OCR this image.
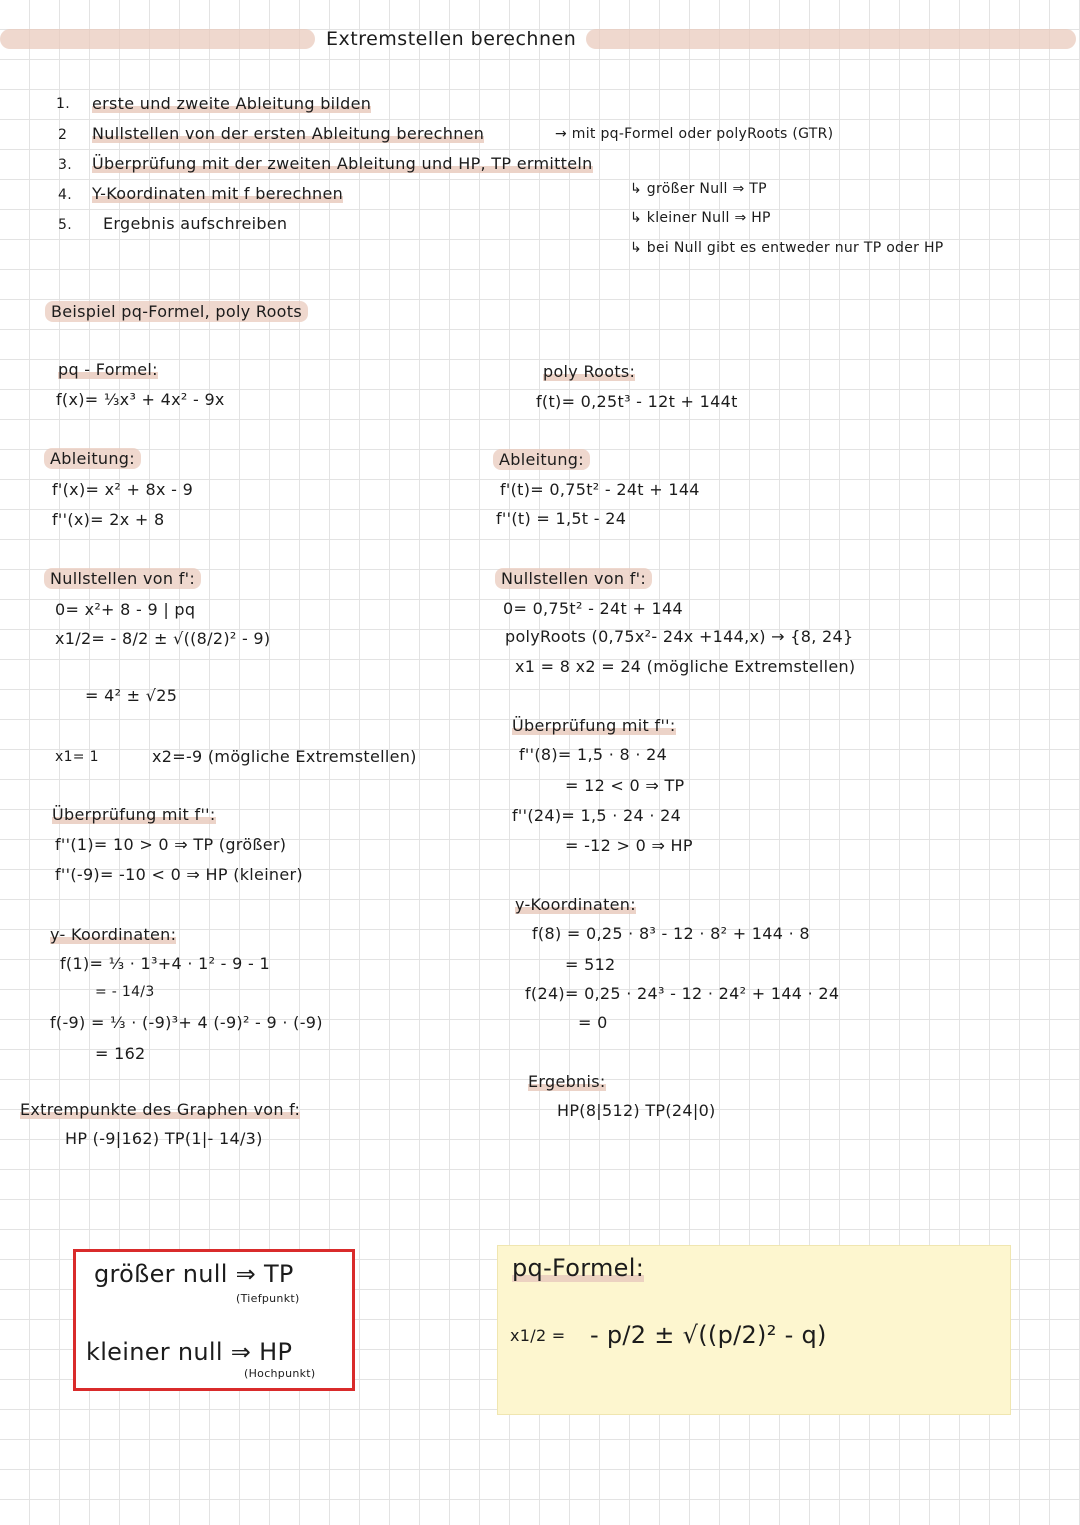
Extremstellen berechnen
1. erste und zweite Ableitung bilden
2 Nullstellen von der ersten Ableitung berechnen	→ mit pq-Formel oder polyRoots (GTR)
3. Überprüfung mit der zweiten Ableitung und HP, TP ermitteln
4. Y-Koordinaten mit f berechnen
5. Ergebnis aufschreiben
↳ größer Null ⇒ TP
↳ kleiner Null ⇒ HP
↳ bei Null gibt es entweder nur TP oder HP
Beispiel pq-Formel, poly Roots
pq - Formel:
f(x)= ⅓x³ + 4x² - 9x
Ableitung:
f'(x)= x² + 8x - 9
f''(x)= 2x + 8
Nullstellen von f':
0= x²+ 8 - 9 | pq
x1/2= - 8/2 ± √((8/2)² - 9)
= 4² ± √25
x1= 1	x2=-9 (mögliche Extremstellen)
Überprüfung mit f'':
f''(1)= 10 > 0 ⇒ TP (größer)
f''(-9)= -10 < 0 ⇒ HP (kleiner)
y- Koordinaten:
f(1)= ⅓ · 1³+4 · 1² - 9 - 1
= - 14/3
f(-9) = ⅓ · (-9)³+ 4 (-9)² - 9 · (-9)
= 162
Extrempunkte des Graphen von f:
HP (-9|162) TP(1|- 14/3)
poly Roots:
f(t)= 0,25t³ - 12t + 144t
Ableitung:
f'(t)= 0,75t² - 24t + 144
f''(t) = 1,5t - 24
Nullstellen von f':
0= 0,75t² - 24t + 144
polyRoots (0,75x²- 24x +144,x) → {8, 24}
x1 = 8 x2 = 24 (mögliche Extremstellen)
Überprüfung mit f'':
f''(8)= 1,5 · 8 · 24
= 12 < 0 ⇒ TP
f''(24)= 1,5 · 24 · 24
= -12 > 0 ⇒ HP
y-Koordinaten:
f(8) = 0,25 · 8³ - 12 · 8² + 144 · 8
= 512
f(24)= 0,25 · 24³ - 12 · 24² + 144 · 24
= 0
Ergebnis:
HP(8|512) TP(24|0)
größer null ⇒ TP
(Tiefpunkt)
kleiner null ⇒ HP
(Hochpunkt)
pq-Formel:
x1/2 = - p/2 ± √((p/2)² - q)
